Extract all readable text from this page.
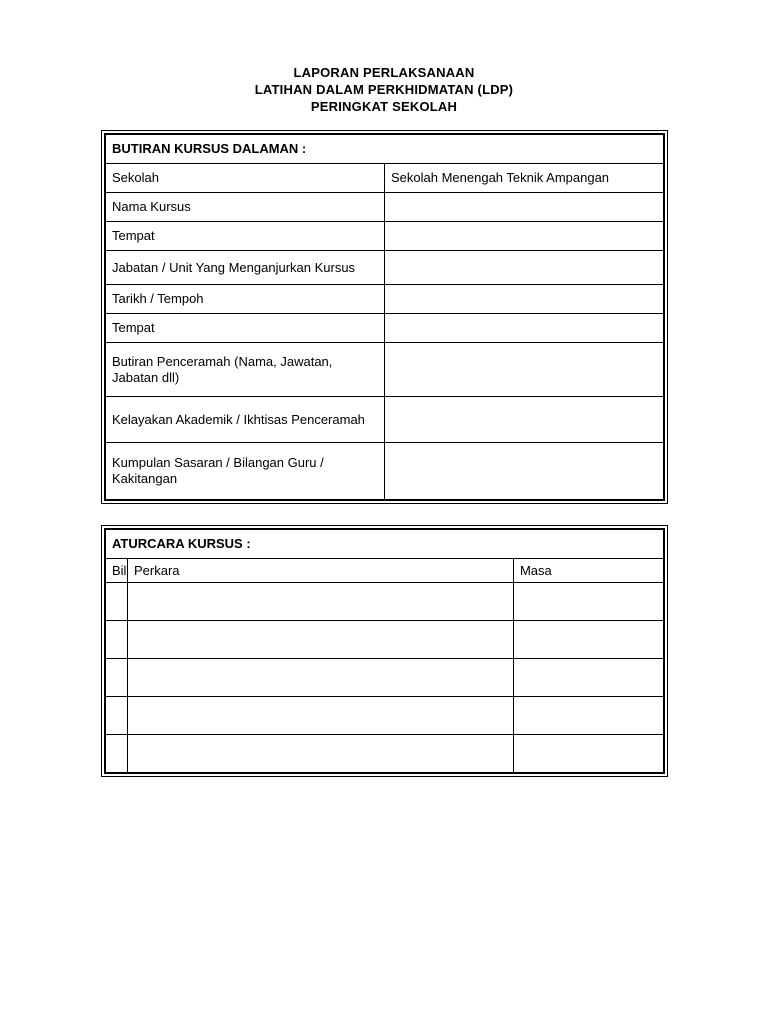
LAPORAN PERLAKSANAAN
LATIHAN DALAM PERKHIDMATAN (LDP)
PERINGKAT SEKOLAH
BUTIRAN KURSUS DALAMAN :	
Sekolah	Sekolah Menengah Teknik Ampangan
Nama Kursus	
Tempat	
Jabatan / Unit Yang Menganjurkan Kursus	
Tarikh / Tempoh	
Tempat	
Butiran Penceramah (Nama, Jawatan, Jabatan dll)	
Kelayakan Akademik / Ikhtisas Penceramah	
Kumpulan Sasaran / Bilangan Guru / Kakitangan	
ATURCARA KURSUS :		
Bil	Perkara	Masa
